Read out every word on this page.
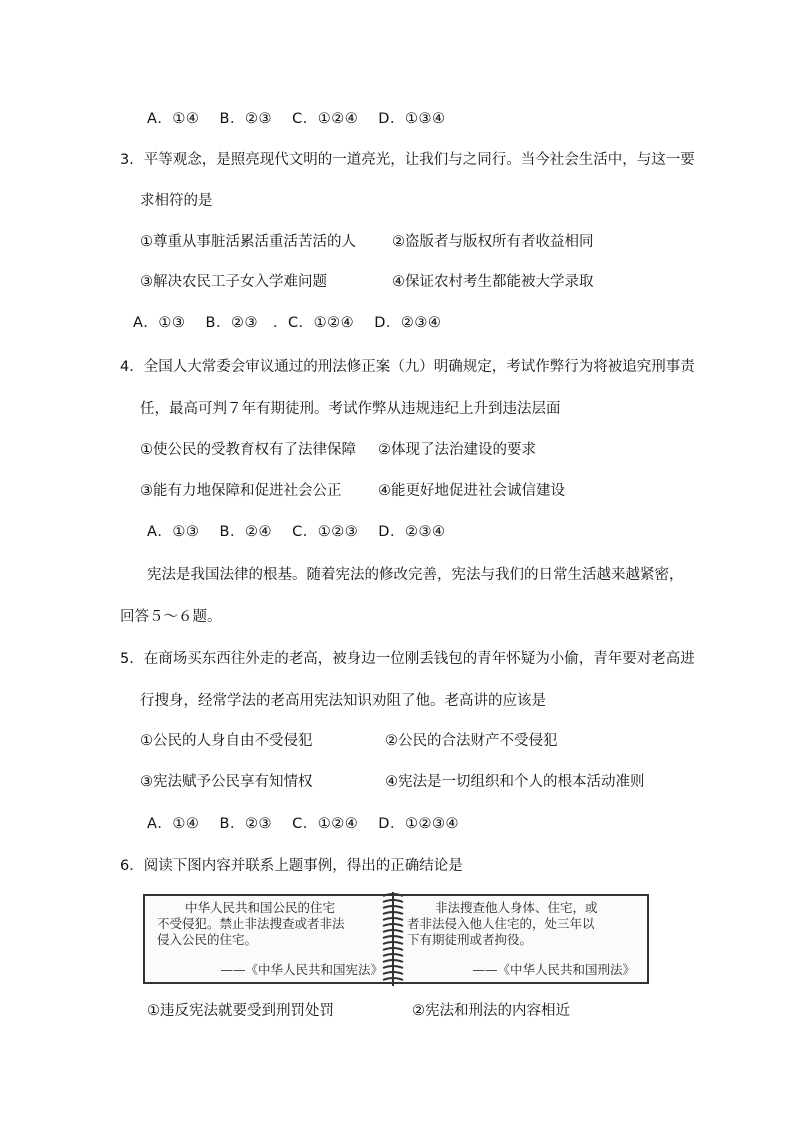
A．①④　 B．②③　 C．①②④　 D．①③④
3．平等观念，是照亮现代文明的一道亮光，让我们与之同行。当今社会生活中，与这一要
求相符的是
①尊重从事脏活累活重活苦活的人 ②盗版者与版权所有者收益相同
③解决农民工子女入学难问题	④保证农村考生都能被大学录取
A．①③　 B．②③　．C．①②④　 D．②③④
4．全国人大常委会审议通过的刑法修正案（九）明确规定，考试作弊行为将被追究刑事责
任，最高可判７年有期徒刑。考试作弊从违规违纪上升到违法层面
①使公民的受教育权有了法律保障 ②体现了法治建设的要求
③能有力地保障和促进社会公正	④能更好地促进社会诚信建设
A．①③　 B．②④　 C．①②③　 D．②③④
宪法是我国法律的根基。随着宪法的修改完善，宪法与我们的日常生活越来越紧密，
回答５～６题。
5．在商场买东西往外走的老高，被身边一位刚丢钱包的青年怀疑为小偷，青年要对老高进
行搜身，经常学法的老高用宪法知识劝阻了他。老高讲的应该是
①公民的人身自由不受侵犯	②公民的合法财产不受侵犯
③宪法赋予公民享有知情权	④宪法是一切组织和个人的根本活动准则
A．①④　 B．②③　 C．①②④　 D．①②③④
6．阅读下图内容并联系上题事例，得出的正确结论是
中华人民共和国公民的住宅
不受侵犯。禁止非法搜查或者非法
侵入公民的住宅。
——《中华人民共和国宪法》
非法搜查他人身体、住宅，或
者非法侵入他人住宅的，处三年以
下有期徒刑或者拘役。
——《中华人民共和国刑法》
①违反宪法就要受到刑罚处罚	②宪法和刑法的内容相近
